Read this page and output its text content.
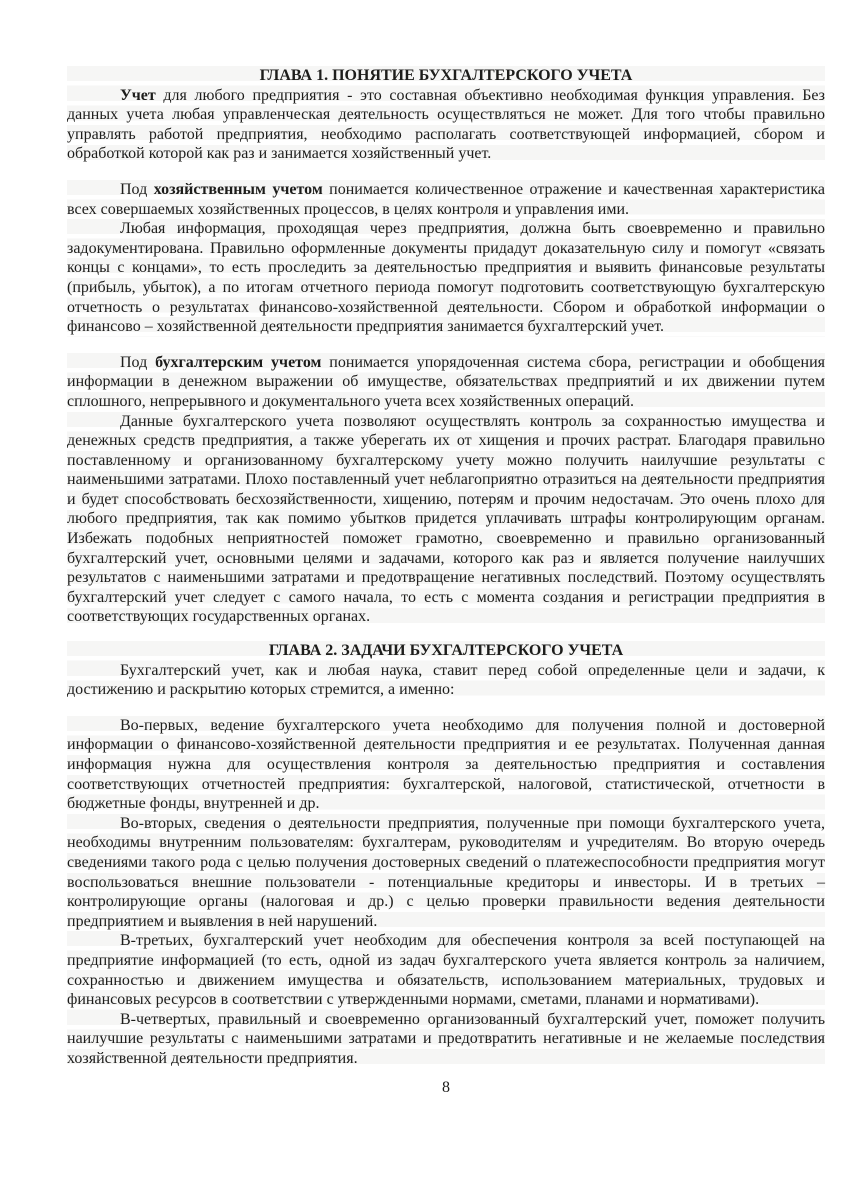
ГЛАВА 1. ПОНЯТИЕ БУХГАЛТЕРСКОГО УЧЕТА

Учет для любого предприятия - это составная объективно необходимая функция управления. Без данных учета любая управленческая деятельность осуществляться не может. Для того чтобы правильно управлять работой предприятия, необходимо располагать соответствующей информацией, сбором и обработкой которой как раз и занимается хозяйственный учет.

Под хозяйственным учетом понимается количественное отражение и качественная характеристика всех совершаемых хозяйственных процессов, в целях контроля и управления ими.

Любая информация, проходящая через предприятия, должна быть своевременно и правильно задокументирована. Правильно оформленные документы придадут доказательную силу и помогут «связать концы с концами», то есть проследить за деятельностью предприятия и выявить финансовые результаты (прибыль, убыток), а по итогам отчетного периода помогут подготовить соответствующую бухгалтерскую отчетность о результатах финансово-хозяйственной деятельности. Сбором и обработкой информации о финансово – хозяйственной деятельности предприятия занимается бухгалтерский учет.

Под бухгалтерским учетом понимается упорядоченная система сбора, регистрации и обобщения информации в денежном выражении об имуществе, обязательствах предприятий и их движении путем сплошного, непрерывного и документального учета всех хозяйственных операций.

Данные бухгалтерского учета позволяют осуществлять контроль за сохранностью имущества и денежных средств предприятия, а также уберегать их от хищения и прочих растрат. Благодаря правильно поставленному и организованному бухгалтерскому учету можно получить наилучшие результаты с наименьшими затратами. Плохо поставленный учет неблагоприятно отразиться на деятельности предприятия и будет способствовать бесхозяйственности, хищению, потерям и прочим недостачам. Это очень плохо для любого предприятия, так как помимо убытков придется уплачивать штрафы контролирующим органам. Избежать подобных неприятностей поможет грамотно, своевременно и правильно организованный бухгалтерский учет, основными целями и задачами, которого как раз и является получение наилучших результатов с наименьшими затратами и предотвращение негативных последствий. Поэтому осуществлять бухгалтерский учет следует с самого начала, то есть с момента создания и регистрации предприятия в соответствующих государственных органах.

ГЛАВА 2. ЗАДАЧИ БУХГАЛТЕРСКОГО УЧЕТА

Бухгалтерский учет, как и любая наука, ставит перед собой определенные цели и задачи, к достижению и раскрытию которых стремится, а именно:

Во-первых, ведение бухгалтерского учета необходимо для получения полной и достоверной информации о финансово-хозяйственной деятельности предприятия и ее результатах. Полученная данная информация нужна для осуществления контроля за деятельностью предприятия и составления соответствующих отчетностей предприятия: бухгалтерской, налоговой, статистической, отчетности в бюджетные фонды, внутренней и др.

Во-вторых, сведения о деятельности предприятия, полученные при помощи бухгалтерского учета, необходимы внутренним пользователям: бухгалтерам, руководителям и учредителям. Во вторую очередь сведениями такого рода с целью получения достоверных сведений о платежеспособности предприятия могут воспользоваться внешние пользователи - потенциальные кредиторы и инвесторы. И в третьих – контролирующие органы (налоговая и др.) с целью проверки правильности ведения деятельности предприятием и выявления в ней нарушений.

В-третьих, бухгалтерский учет необходим для обеспечения контроля за всей поступающей на предприятие информацией (то есть, одной из задач бухгалтерского учета является контроль за наличием, сохранностью и движением имущества и обязательств, использованием материальных, трудовых и финансовых ресурсов в соответствии с утвержденными нормами, сметами, планами и нормативами).

В-четвертых, правильный и своевременно организованный бухгалтерский учет, поможет получить наилучшие результаты с наименьшими затратами и предотвратить негативные и не желаемые последствия хозяйственной деятельности предприятия.

8
